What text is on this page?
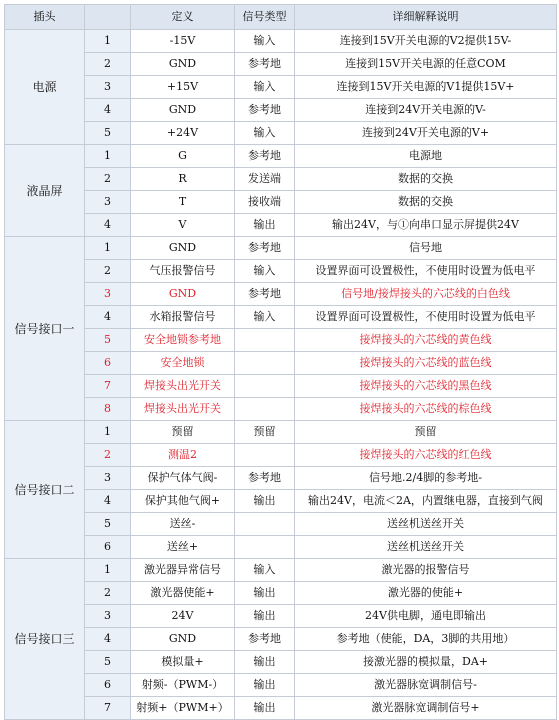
插头		定义	信号类型	详细解释说明
电源	1	-15V	输入	连接到15V开关电源的V2提供15V-
	2	GND	参考地	连接到15V开关电源的任意COM
	3	+15V	输入	连接到15V开关电源的V1提供15V+
	4	GND	参考地	连接到24V开关电源的V-
	5	+24V	输入	连接到24V开关电源的V+
液晶屏	1	G	参考地	电源地
	2	R	发送端	数据的交换
	3	T	接收端	数据的交换
	4	V	输出	输出24V，与①向串口显示屏提供24V
信号接口一	1	GND	参考地	信号地
	2	气压报警信号	输入	设置界面可设置极性，不使用时设置为低电平
	3	GND	参考地	信号地/接焊接头的六芯线的白色线
	4	水箱报警信号	输入	设置界面可设置极性，不使用时设置为低电平
	5	安全地锁参考地		接焊接头的六芯线的黄色线
	6	安全地锁		接焊接头的六芯线的蓝色线
	7	焊接头出光开关		接焊接头的六芯线的黑色线
	8	焊接头出光开关		接焊接头的六芯线的棕色线
信号接口二	1	预留	预留	预留
	2	测温2		接焊接头的六芯线的红色线
	3	保护气体气阀-	参考地	信号地.2/4脚的参考地-
	4	保护其他气阀+	输出	输出24V，电流＜2A，内置继电器，直接到气阀
	5	送丝-		送丝机送丝开关
	6	送丝+		送丝机送丝开关
信号接口三	1	激光器异常信号	输入	激光器的报警信号
	2	激光器使能+	输出	激光器的使能+
	3	24V	输出	24V供电脚，通电即输出
	4	GND	参考地	参考地（使能，DA，3脚的共用地）
	5	模拟量+	输出	接激光器的模拟量，DA+
	6	射频-（PWM-）	输出	激光器脉宽调制信号-
	7	射频+（PWM+）	输出	激光器脉宽调制信号+
